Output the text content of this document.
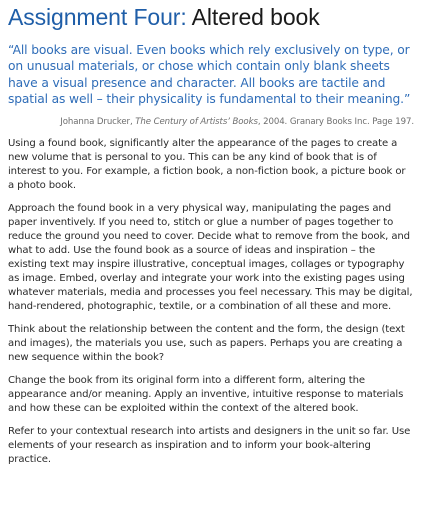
Assignment Four: Altered book

“All books are visual. Even books which rely exclusively on type, or on unusual materials, or chose which contain only blank sheets have a visual presence and character. All books are tactile and spatial as well – their physicality is fundamental to their meaning.”

Johanna Drucker, The Century of Artists’ Books, 2004. Granary Books Inc. Page 197.

Using a found book, significantly alter the appearance of the pages to create a new volume that is personal to you. This can be any kind of book that is of interest to you. For example, a fiction book, a non-fiction book, a picture book or a photo book.

Approach the found book in a very physical way, manipulating the pages and paper inventively. If you need to, stitch or glue a number of pages together to reduce the ground you need to cover. Decide what to remove from the book, and what to add. Use the found book as a source of ideas and inspiration – the existing text may inspire illustrative, conceptual images, collages or typography as image. Embed, overlay and integrate your work into the existing pages using whatever materials, media and processes you feel necessary. This may be digital, hand-rendered, photographic, textile, or a combination of all these and more.

Think about the relationship between the content and the form, the design (text and images), the materials you use, such as papers. Perhaps you are creating a new sequence within the book?

Change the book from its original form into a different form, altering the appearance and/or meaning. Apply an inventive, intuitive response to materials and how these can be exploited within the context of the altered book.

Refer to your contextual research into artists and designers in the unit so far. Use elements of your research as inspiration and to inform your book-altering practice.
